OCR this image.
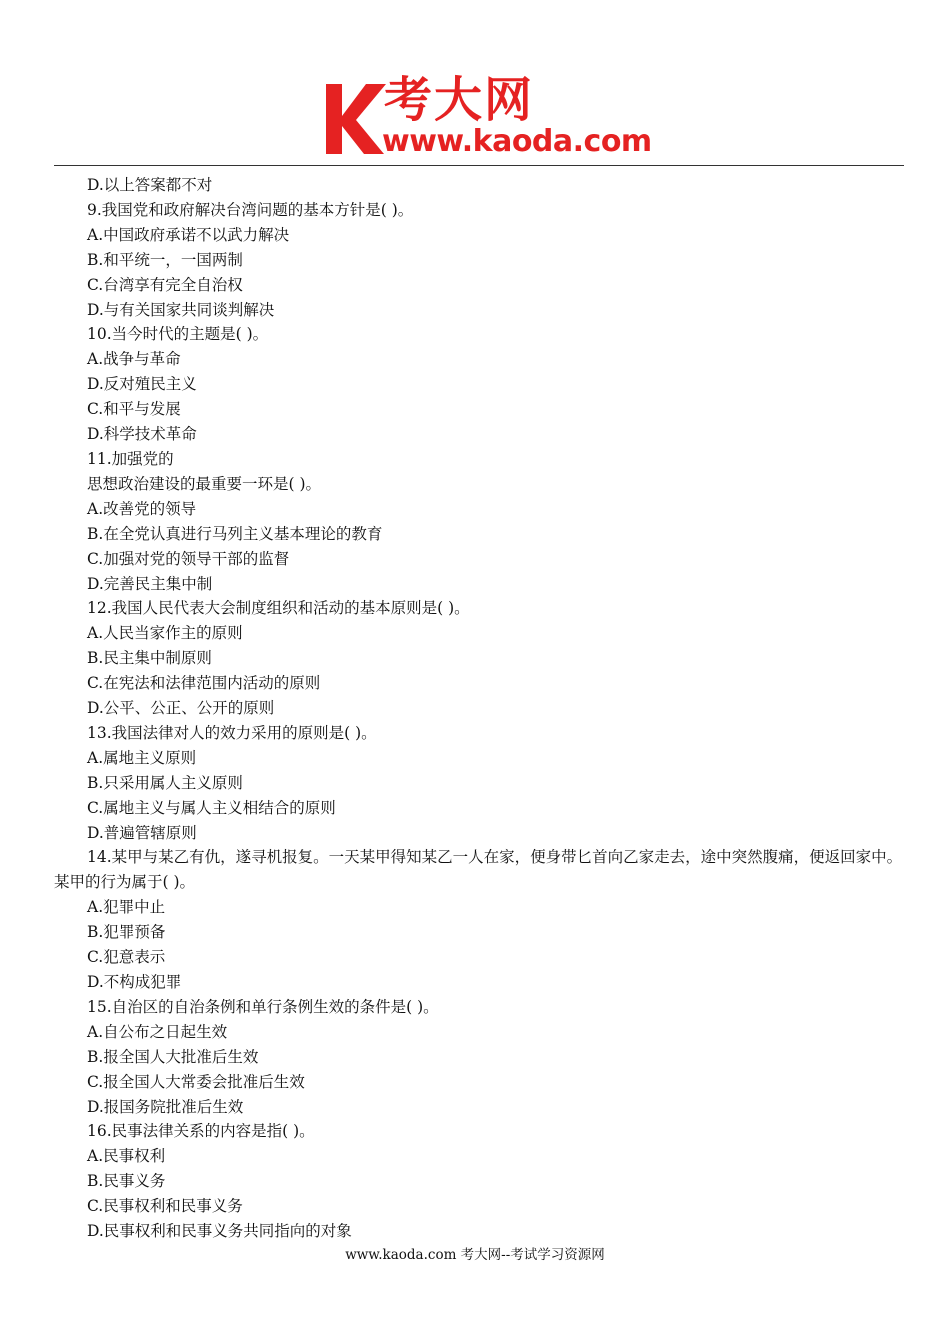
考大网
www.kaoda.com
D.以上答案都不对
9.我国党和政府解决台湾问题的基本方针是( )。
A.中国政府承诺不以武力解决
B.和平统一，一国两制
C.台湾享有完全自治权
D.与有关国家共同谈判解决
10.当今时代的主题是( )。
A.战争与革命
D.反对殖民主义
C.和平与发展
D.科学技术革命
11.加强党的
思想政治建设的最重要一环是( )。
A.改善党的领导
B.在全党认真进行马列主义基本理论的教育
C.加强对党的领导干部的监督
D.完善民主集中制
12.我国人民代表大会制度组织和活动的基本原则是( )。
A.人民当家作主的原则
B.民主集中制原则
C.在宪法和法律范围内活动的原则
D.公平、公正、公开的原则
13.我国法律对人的效力采用的原则是( )。
A.属地主义原则
B.只采用属人主义原则
C.属地主义与属人主义相结合的原则
D.普遍管辖原则
14.某甲与某乙有仇，遂寻机报复。一天某甲得知某乙一人在家，便身带匕首向乙家走去，途中突然腹痛，便返回家中。某甲的行为属于( )。
A.犯罪中止
B.犯罪预备
C.犯意表示
D.不构成犯罪
15.自治区的自治条例和单行条例生效的条件是( )。
A.自公布之日起生效
B.报全国人大批准后生效
C.报全国人大常委会批准后生效
D.报国务院批准后生效
16.民事法律关系的内容是指( )。
A.民事权利
B.民事义务
C.民事权利和民事义务
D.民事权利和民事义务共同指向的对象
www.kaoda.com 考大网--考试学习资源网
